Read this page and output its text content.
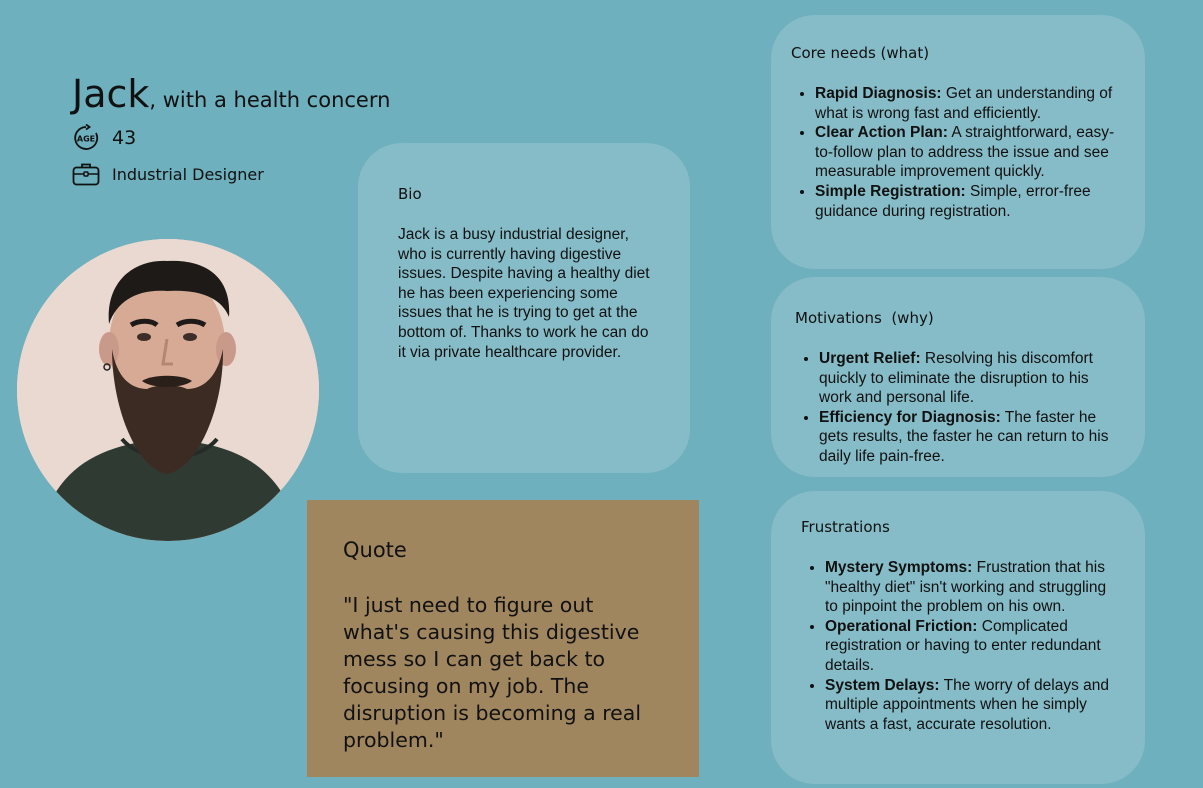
Jack, with a health concern
AGE 43
Industrial Designer

Bio

Jack is a busy industrial designer, who is currently having digestive issues. Despite having a healthy diet he has been experiencing some issues that he is trying to get at the bottom of. Thanks to work he can do it via private healthcare provider.

Quote

"I just need to figure out what's causing this digestive mess so I can get back to focusing on my job. The disruption is becoming a real problem."

Core needs (what)

• Rapid Diagnosis: Get an understanding of what is wrong fast and efficiently.
• Clear Action Plan: A straightforward, easy-to-follow plan to address the issue and see measurable improvement quickly.
• Simple Registration: Simple, error-free guidance during registration.

Motivations  (why)

• Urgent Relief: Resolving his discomfort quickly to eliminate the disruption to his work and personal life.
• Efficiency for Diagnosis: The faster he gets results, the faster he can return to his daily life pain-free.

Frustrations

• Mystery Symptoms: Frustration that his "healthy diet" isn't working and struggling to pinpoint the problem on his own.
• Operational Friction: Complicated registration or having to enter redundant details.
• System Delays: The worry of delays and multiple appointments when he simply wants a fast, accurate resolution.
